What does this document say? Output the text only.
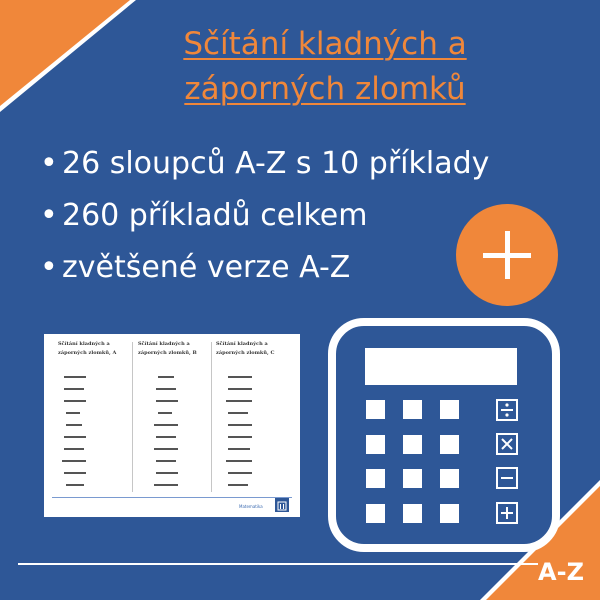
Sčítání kladných a
záporných zlomků
• 26 sloupců A-Z s 10 příklady
• 260 příkladů celkem
• zvětšené verze A-Z
Sčítání kladných a záporných zlomků, A
Sčítání kladných a záporných zlomků, B
Sčítání kladných a záporných zlomků, C
Matematika
A-Z
